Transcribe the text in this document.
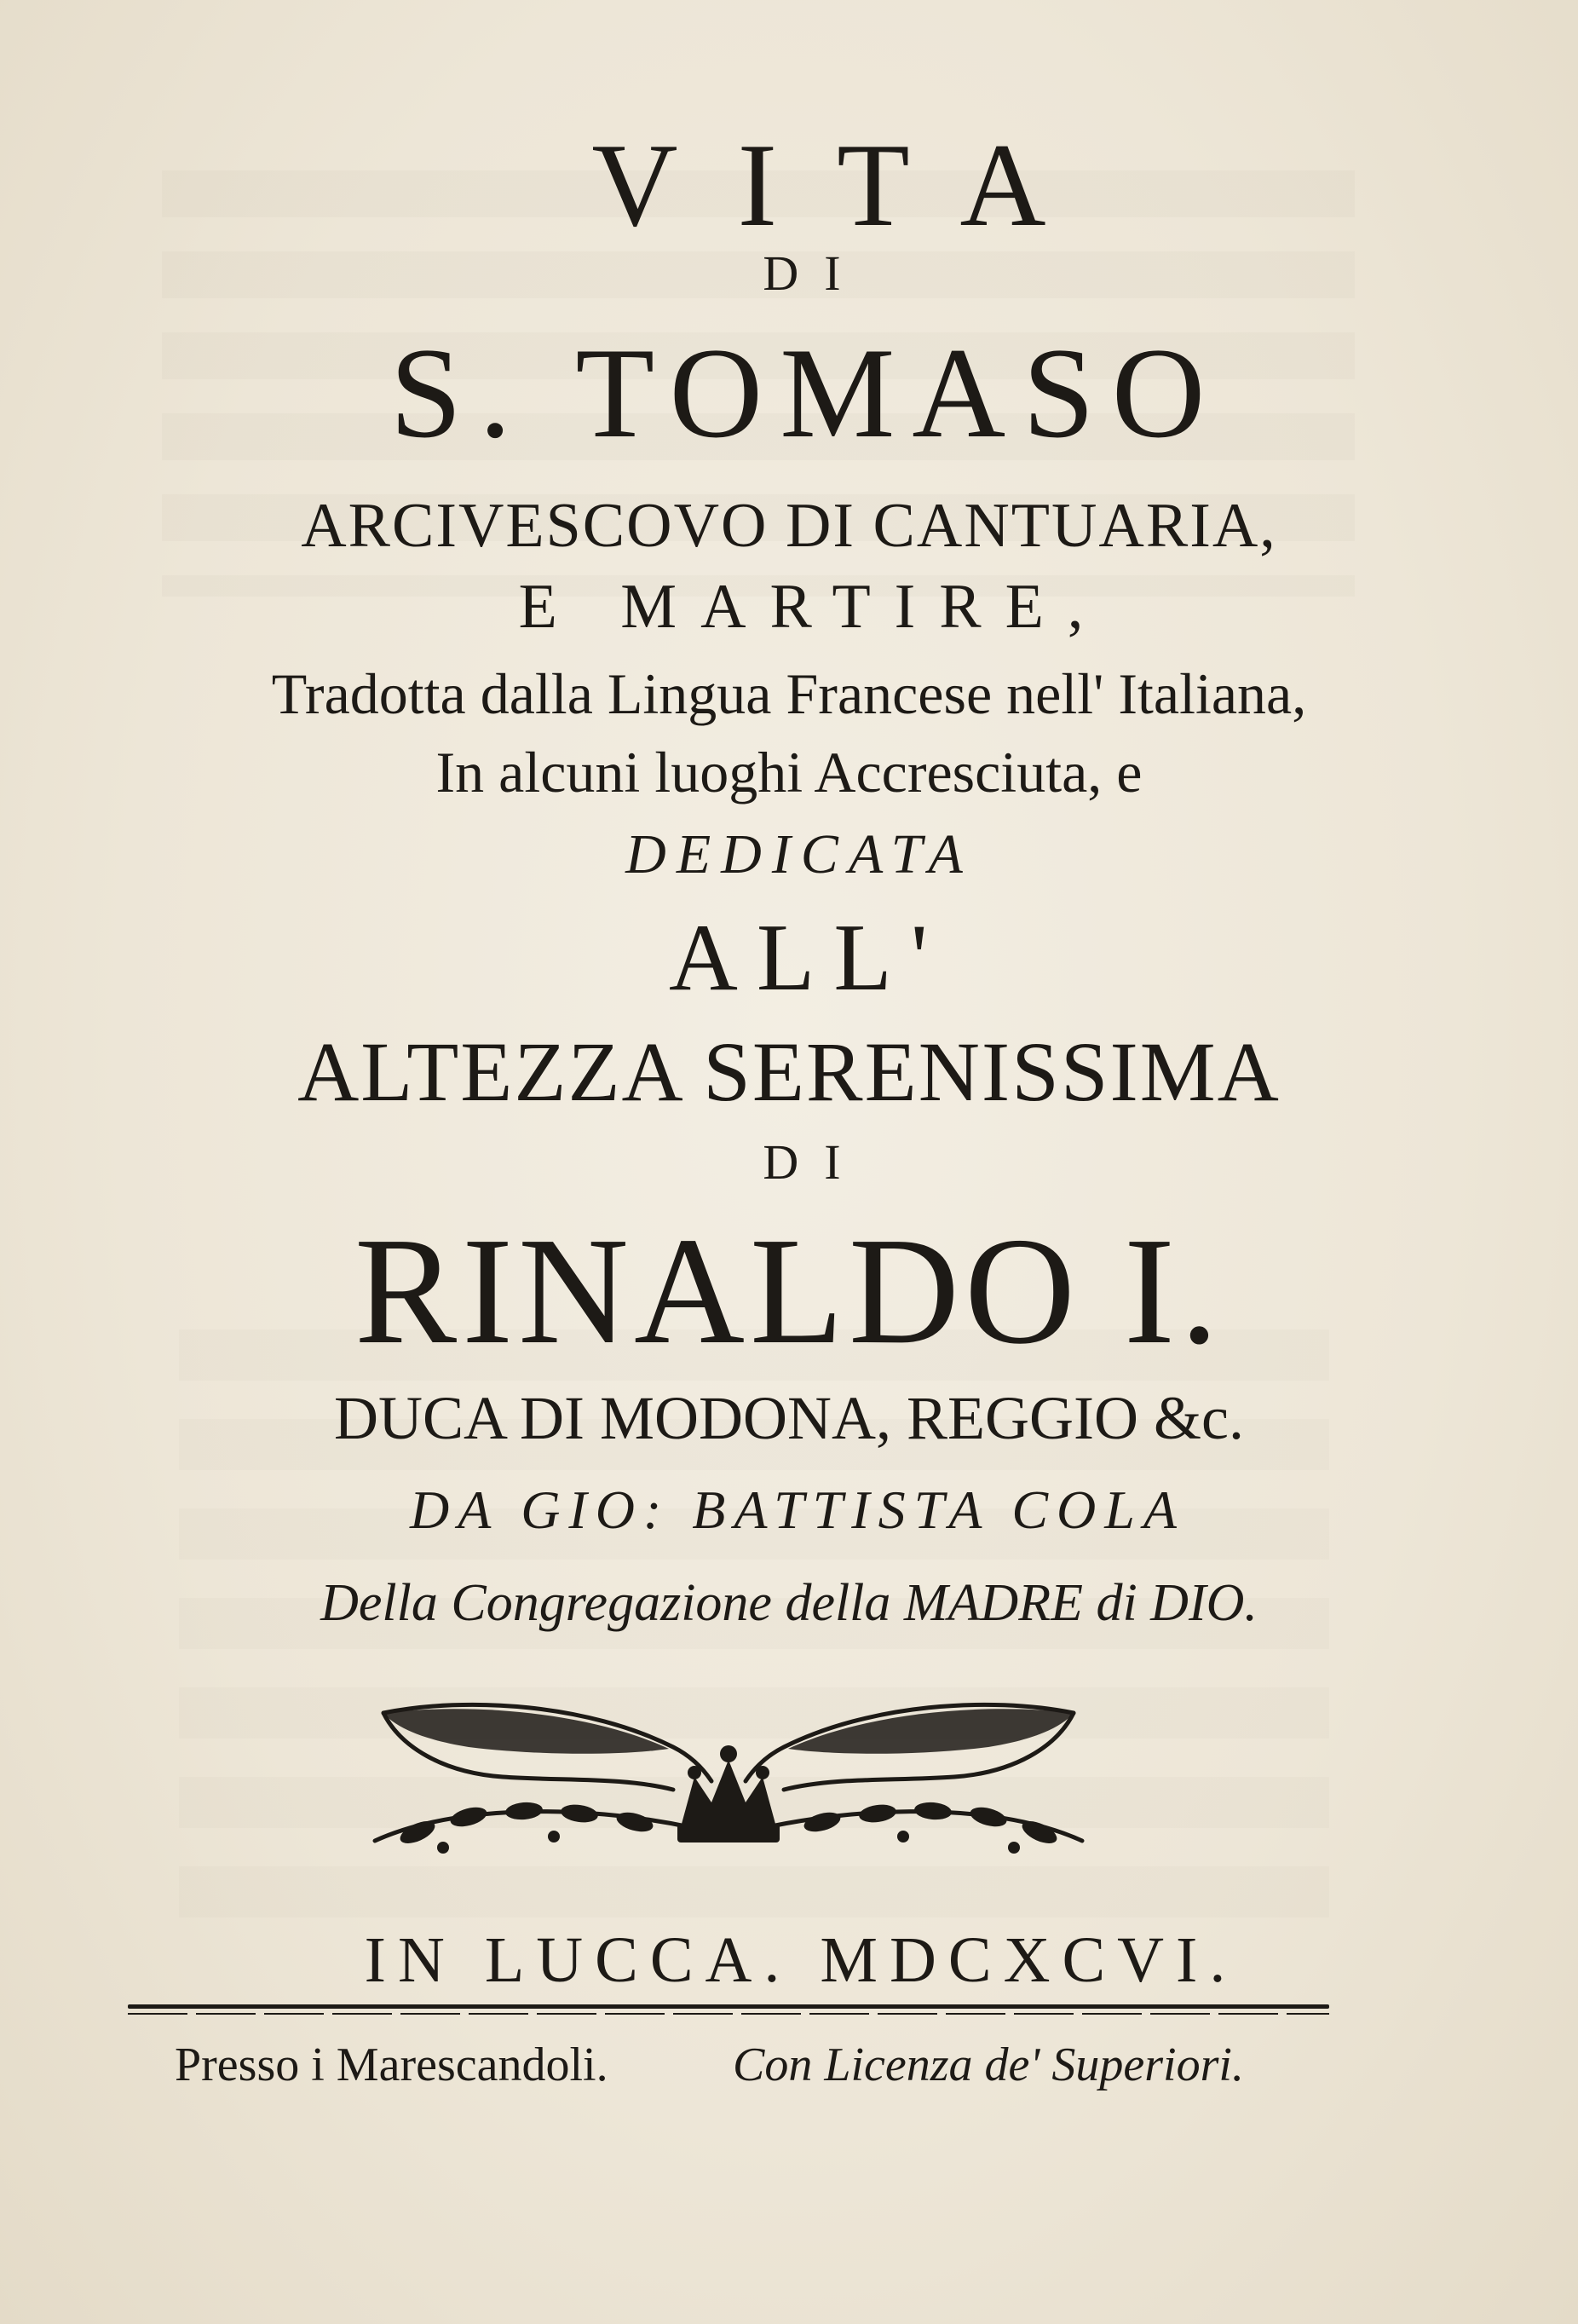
VITA
DI
S. TOMASO
ARCIVESCOVO DI CANTUARIA,
E MARTIRE,
Tradotta dalla Lingua Francese nell' Italiana,
In alcuni luoghi Accresciuta, e
DEDICATA
ALL'
ALTEZZA SERENISSIMA
DI
RINALDO I.
DUCA DI MODONA, REGGIO &c.
DA GIO: BATTISTA COLA
Della Congregazione della MADRE di DIO.
IN LUCCA. MDCXCVI.
Presso i Marescandoli.	Con Licenza de' Superiori.
